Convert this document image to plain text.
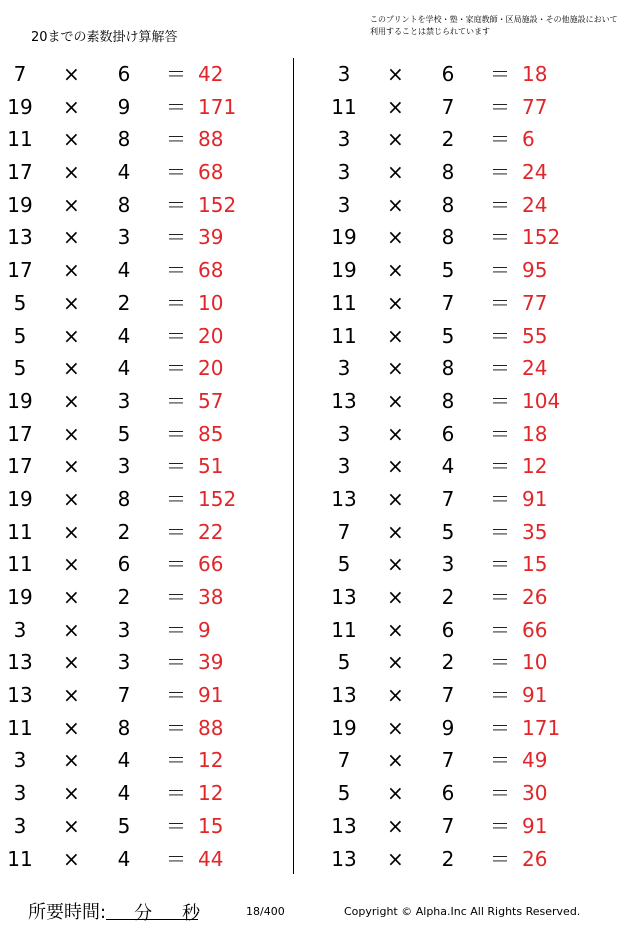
20までの素数掛け算解答
このプリントを学校・塾・家庭教師・区局施設・その他施設において利用することは禁じられています
7	× 6 ＝ 42
19	× 9 ＝ 171
11	× 8 ＝ 88
17	× 4 ＝ 68
19	× 8 ＝ 152
13	× 3 ＝ 39
17	× 4 ＝ 68
5	× 2 ＝ 10
5	× 4 ＝ 20
5	× 4 ＝ 20
19	× 3 ＝ 57
17	× 5 ＝ 85
17	× 3 ＝ 51
19	× 8 ＝ 152
11	× 2 ＝ 22
11	× 6 ＝ 66
19	× 2 ＝ 38
3	× 3 ＝ 9
13	× 3 ＝ 39
13	× 7 ＝ 91
11	× 8 ＝ 88
3	× 4 ＝ 12
3	× 4 ＝ 12
3	× 5 ＝ 15
11	× 4 ＝ 44
3	× 6 ＝ 18
11	× 7 ＝ 77
3	× 2 ＝ 6
3	× 8 ＝ 24
3	× 8 ＝ 24
19	× 8 ＝ 152
19	× 5 ＝ 95
11	× 7 ＝ 77
11	× 5 ＝ 55
3	× 8 ＝ 24
13	× 8 ＝ 104
3	× 6 ＝ 18
3	× 4 ＝ 12
13	× 7 ＝ 91
7	× 5 ＝ 35
5	× 3 ＝ 15
13	× 2 ＝ 26
11	× 6 ＝ 66
5	× 2 ＝ 10
13	× 7 ＝ 91
19	× 9 ＝ 171
7	× 7 ＝ 49
5	× 6 ＝ 30
13	× 7 ＝ 91
13	× 2 ＝ 26
所要時間: 分 秒	18/400	Copyright © Alpha.Inc All Rights Reserved.
